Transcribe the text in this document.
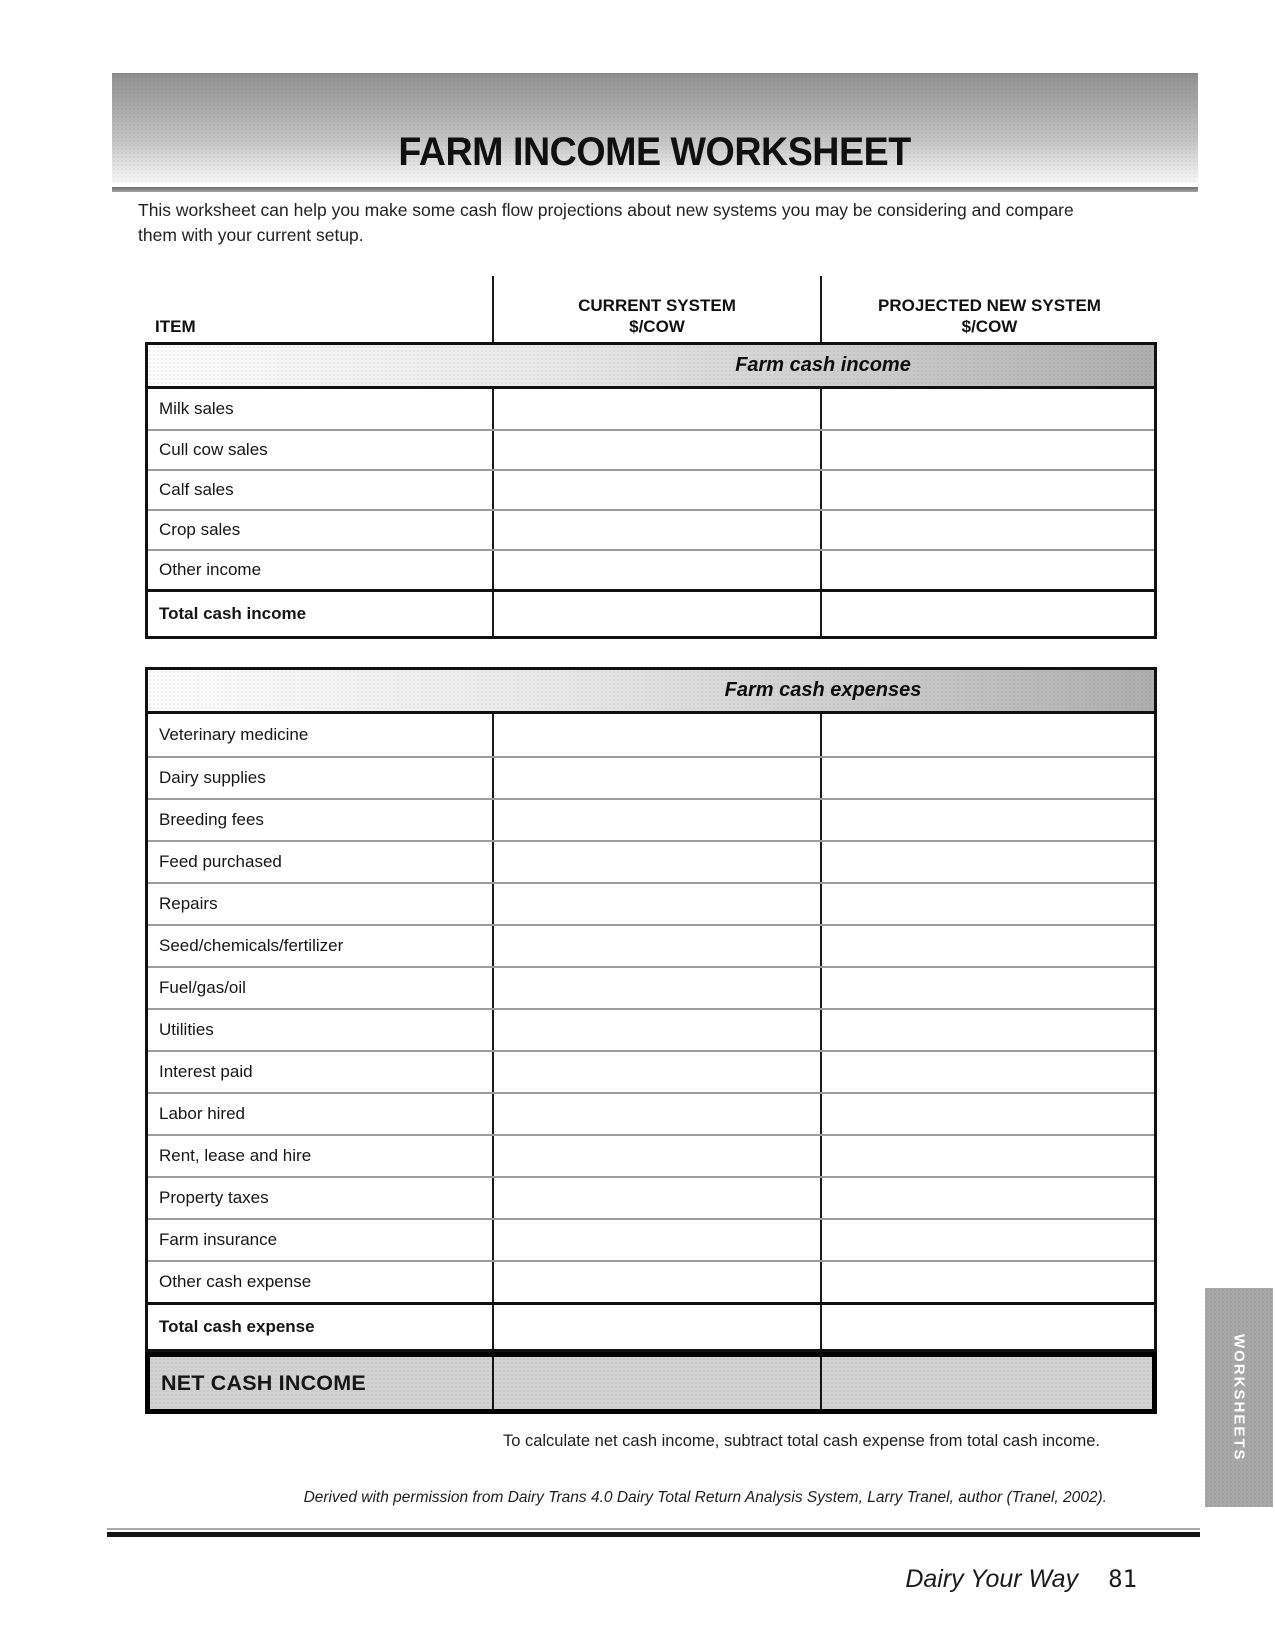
FARM INCOME WORKSHEET
This worksheet can help you make some cash flow projections about new systems you may be considering and compare them with your current setup.
ITEM
CURRENT SYSTEM
$/COW
PROJECTED NEW SYSTEM
$/COW
Farm cash income
Milk sales
Cull cow sales
Calf sales
Crop sales
Other income
Total cash income
Farm cash expenses
Veterinary medicine
Dairy supplies
Breeding fees
Feed purchased
Repairs
Seed/chemicals/fertilizer
Fuel/gas/oil
Utilities
Interest paid
Labor hired
Rent, lease and hire
Property taxes
Farm insurance
Other cash expense
Total cash expense
NET CASH INCOME
To calculate net cash income, subtract total cash expense from total cash income.
Derived with permission from Dairy Trans 4.0 Dairy Total Return Analysis System, Larry Tranel, author (Tranel, 2002).
Dairy Your Way 81
WORKSHEETS
